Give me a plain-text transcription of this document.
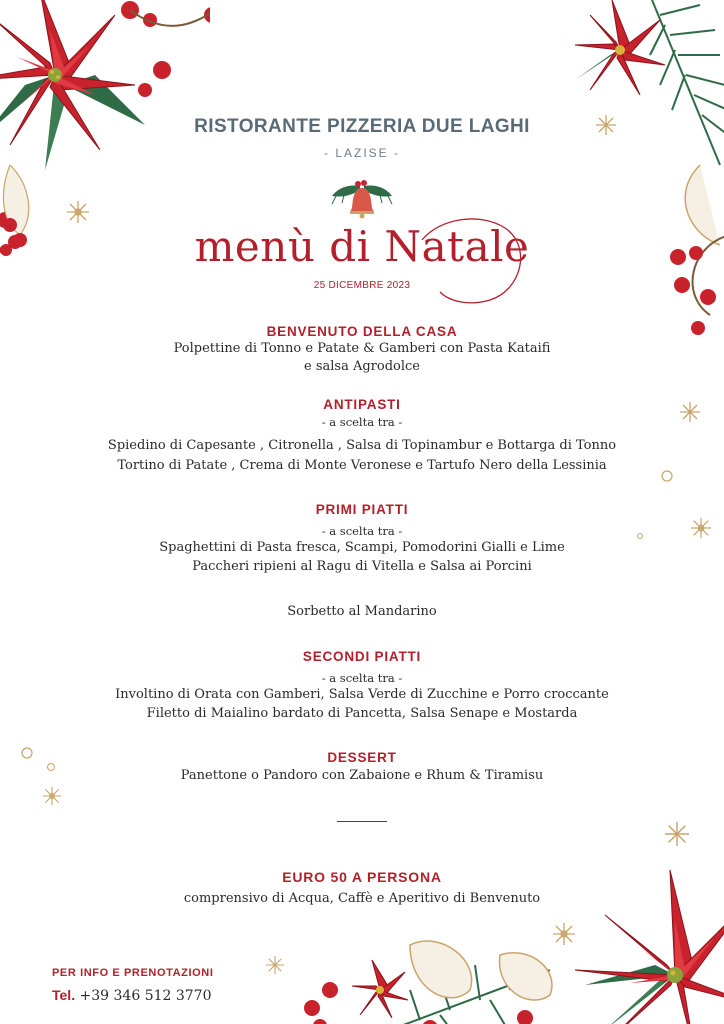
RISTORANTE PIZZERIA DUE LAGHI
- LAZISE -
menù di Natale
25 DICEMBRE 2023
BENVENUTO DELLA CASA
Polpettine di Tonno e Patate & Gamberi con Pasta Kataifi
e salsa Agrodolce
ANTIPASTI
- a scelta tra -
Spiedino di Capesante , Citronella , Salsa di Topinambur e Bottarga di Tonno
Tortino di Patate , Crema di Monte Veronese e Tartufo Nero della Lessinia
PRIMI PIATTI
- a scelta tra -
Spaghettini di Pasta fresca, Scampi, Pomodorini Gialli e Lime
Paccheri ripieni al Ragu di Vitella e Salsa ai Porcini
Sorbetto al Mandarino
SECONDI PIATTI
- a scelta tra -
Involtino di Orata con Gamberi, Salsa Verde di Zucchine e Porro croccante
Filetto di Maialino bardato di Pancetta, Salsa Senape e Mostarda
DESSERT
Panettone o Pandoro con Zabaione e Rhum & Tiramisu
EURO 50 A PERSONA
comprensivo di Acqua, Caffè e Aperitivo di Benvenuto
PER INFO E PRENOTAZIONI
Tel. +39 346 512 3770
